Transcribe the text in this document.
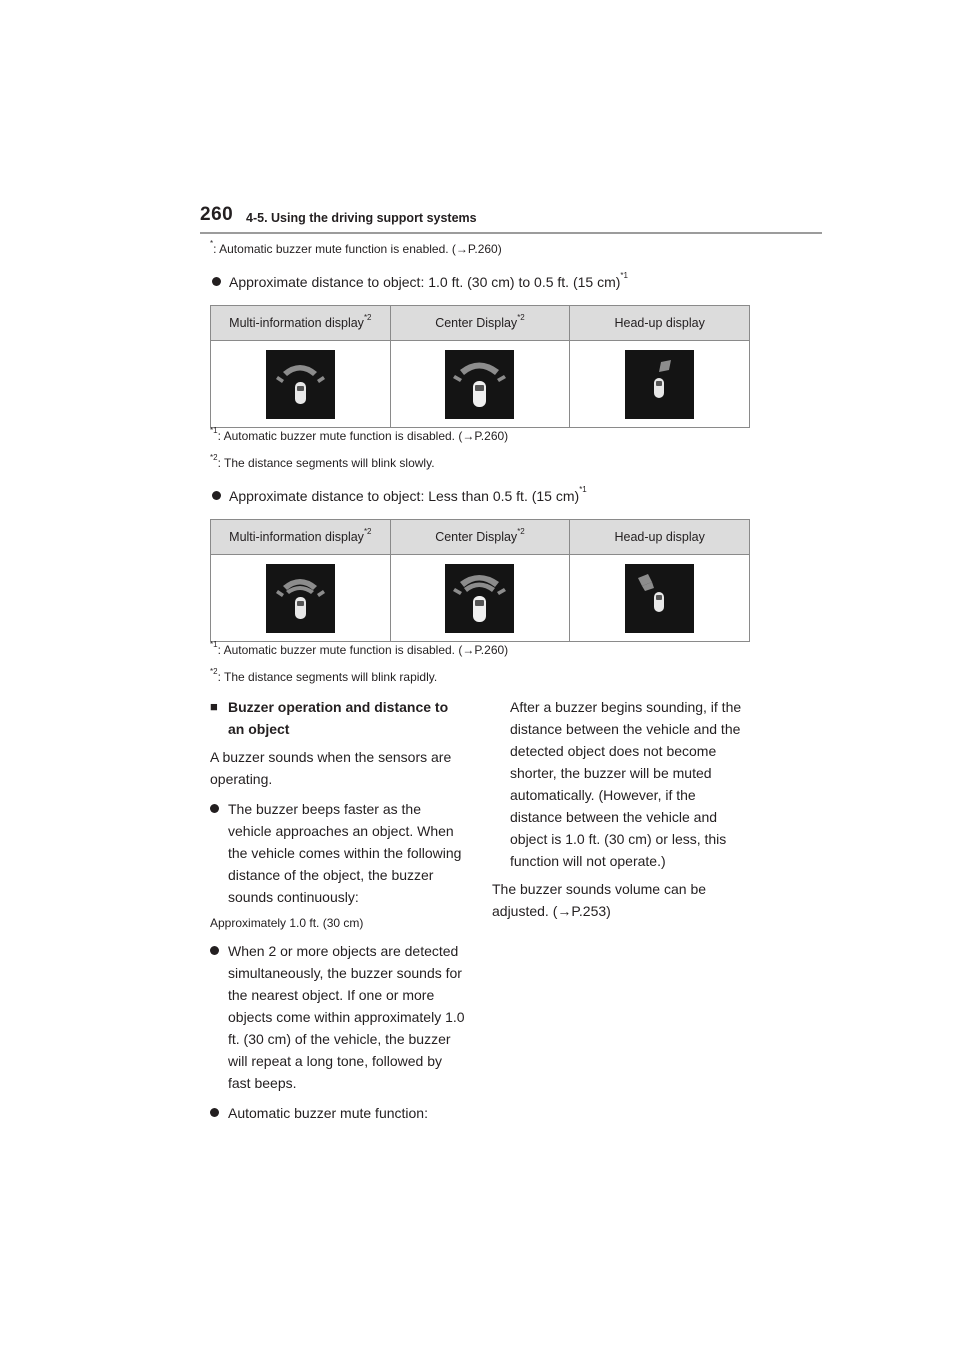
260 4-5. Using the driving support systems
*: Automatic buzzer mute function is enabled. (→P.260)
Approximate distance to object: 1.0 ft. (30 cm) to 0.5 ft. (15 cm)$^{*1}$
Multi-information display$^{*2}$	Center Display$^{*2}$	Head-up display

$^{*1}$: Automatic buzzer mute function is disabled. (→P.260)
$^{*2}$: The distance segments will blink slowly.
Approximate distance to object: Less than 0.5 ft. (15 cm)$^{*1}$
Multi-information display$^{*2}$	Center Display$^{*2}$	Head-up display

$^{*1}$: Automatic buzzer mute function is disabled. (→P.260)
$^{*2}$: The distance segments will blink rapidly.
■ Buzzer operation and distance to an object
A buzzer sounds when the sensors are operating.
The buzzer beeps faster as the vehicle approaches an object. When the vehicle comes within the following distance of the object, the buzzer sounds continuously:
Approximately 1.0 ft. (30 cm)
When 2 or more objects are detected simultaneously, the buzzer sounds for the nearest object. If one or more objects come within approximately 1.0 ft. (30 cm) of the vehicle, the buzzer will repeat a long tone, followed by fast beeps.
Automatic buzzer mute function:
After a buzzer begins sounding, if the distance between the vehicle and the detected object does not become shorter, the buzzer will be muted automatically. (However, if the distance between the vehicle and object is 1.0 ft. (30 cm) or less, this function will not operate.)
The buzzer sounds volume can be adjusted. (→P.253)
